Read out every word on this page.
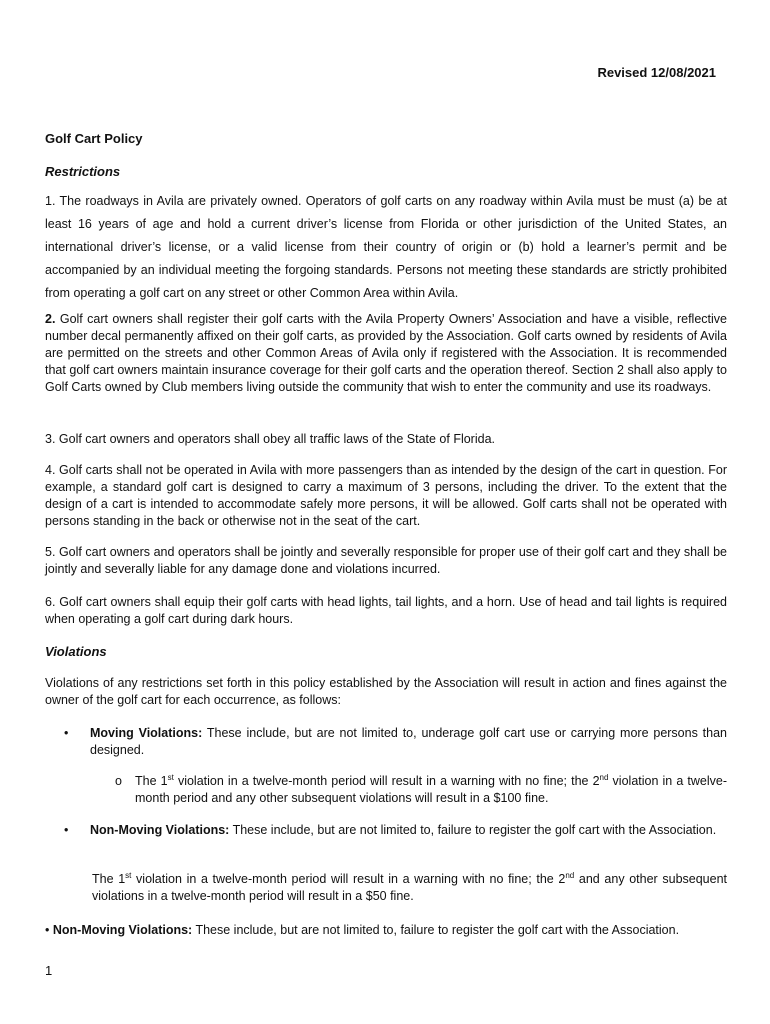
Revised 12/08/2021
Golf Cart Policy
Restrictions
1. The roadways in Avila are privately owned. Operators of golf carts on any roadway within Avila must be must (a) be at least 16 years of age and hold a current driver’s license from Florida or other jurisdiction of the United States, an international driver’s license, or a valid license from their country of origin or (b) hold a learner’s permit and be accompanied by an individual meeting the forgoing standards. Persons not meeting these standards are strictly prohibited from operating a golf cart on any street or other Common Area within Avila.
2. Golf cart owners shall register their golf carts with the Avila Property Owners’ Association and have a visible, reflective number decal permanently affixed on their golf carts, as provided by the Association. Golf carts owned by residents of Avila are permitted on the streets and other Common Areas of Avila only if registered with the Association. It is recommended that golf cart owners maintain insurance coverage for their golf carts and the operation thereof. Section 2 shall also apply to Golf Carts owned by Club members living outside the community that wish to enter the community and use its roadways.
3. Golf cart owners and operators shall obey all traffic laws of the State of Florida.
4. Golf carts shall not be operated in Avila with more passengers than as intended by the design of the cart in question. For example, a standard golf cart is designed to carry a maximum of 3 persons, including the driver. To the extent that the design of a cart is intended to accommodate safely more persons, it will be allowed. Golf carts shall not be operated with persons standing in the back or otherwise not in the seat of the cart.
5. Golf cart owners and operators shall be jointly and severally responsible for proper use of their golf cart and they shall be jointly and severally liable for any damage done and violations incurred.
6. Golf cart owners shall equip their golf carts with head lights, tail lights, and a horn. Use of head and tail lights is required when operating a golf cart during dark hours.
Violations
Violations of any restrictions set forth in this policy established by the Association will result in action and fines against the owner of the golf cart for each occurrence, as follows:
• Moving Violations: These include, but are not limited to, underage golf cart use or carrying more persons than designed.
o The 1st violation in a twelve-month period will result in a warning with no fine; the 2nd violation in a twelve-month period and any other subsequent violations will result in a $100 fine.
• Non-Moving Violations: These include, but are not limited to, failure to register the golf cart with the Association.
The 1st violation in a twelve-month period will result in a warning with no fine; the 2nd and any other subsequent violations in a twelve-month period will result in a $50 fine.
• Non-Moving Violations: These include, but are not limited to, failure to register the golf cart with the Association.
1
